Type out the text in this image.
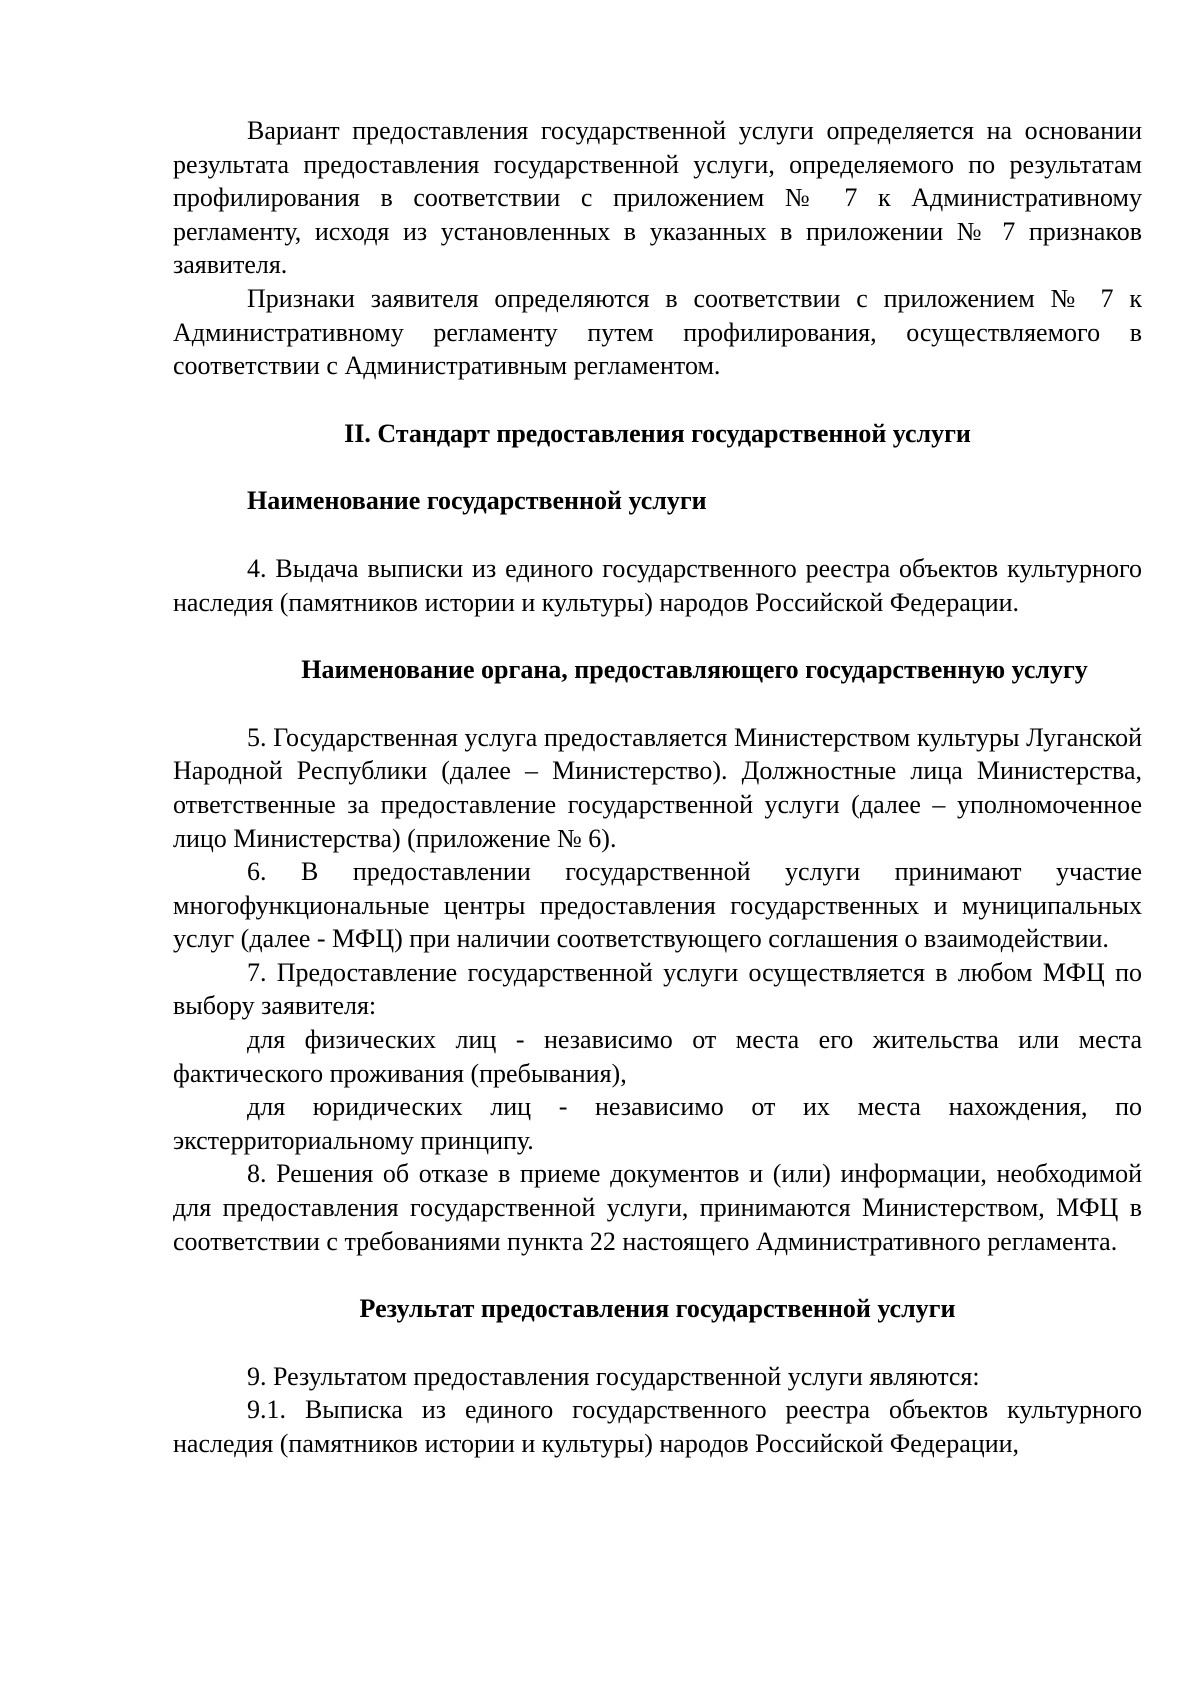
Вариант предоставления государственной услуги определяется на основании результата предоставления государственной услуги, определяемого по результатам профилирования в соответствии с приложением № 7 к Административному регламенту, исходя из установленных в указанных в приложении № 7 признаков заявителя.

Признаки заявителя определяются в соответствии с приложением № 7 к Административному регламенту путем профилирования, осуществляемого в соответствии с Административным регламентом.

II. Стандарт предоставления государственной услуги
Наименование государственной услуги

4. Выдача выписки из единого государственного реестра объектов культурного наследия (памятников истории и культуры) народов Российской Федерации.

Наименование органа, предоставляющего государственную услугу

5. Государственная услуга предоставляется Министерством культуры Луганской Народной Республики (далее – Министерство). Должностные лица Министерства, ответственные за предоставление государственной услуги (далее – уполномоченное лицо Министерства) (приложение № 6).

6. В предоставлении государственной услуги принимают участие многофункциональные центры предоставления государственных и муниципальных услуг (далее - МФЦ) при наличии соответствующего соглашения о взаимодействии.

7. Предоставление государственной услуги осуществляется в любом МФЦ по выбору заявителя:

для физических лиц - независимо от места его жительства или места фактического проживания (пребывания),

для юридических лиц - независимо от их места нахождения, по экстерриториальному принципу.

8. Решения об отказе в приеме документов и (или) информации, необходимой для предоставления государственной услуги, принимаются Министерством, МФЦ в соответствии с требованиями пункта 22 настоящего Административного регламента.

Результат предоставления государственной услуги

9. Результатом предоставления государственной услуги являются:

9.1. Выписка из единого государственного реестра объектов культурного наследия (памятников истории и культуры) народов Российской Федерации,
